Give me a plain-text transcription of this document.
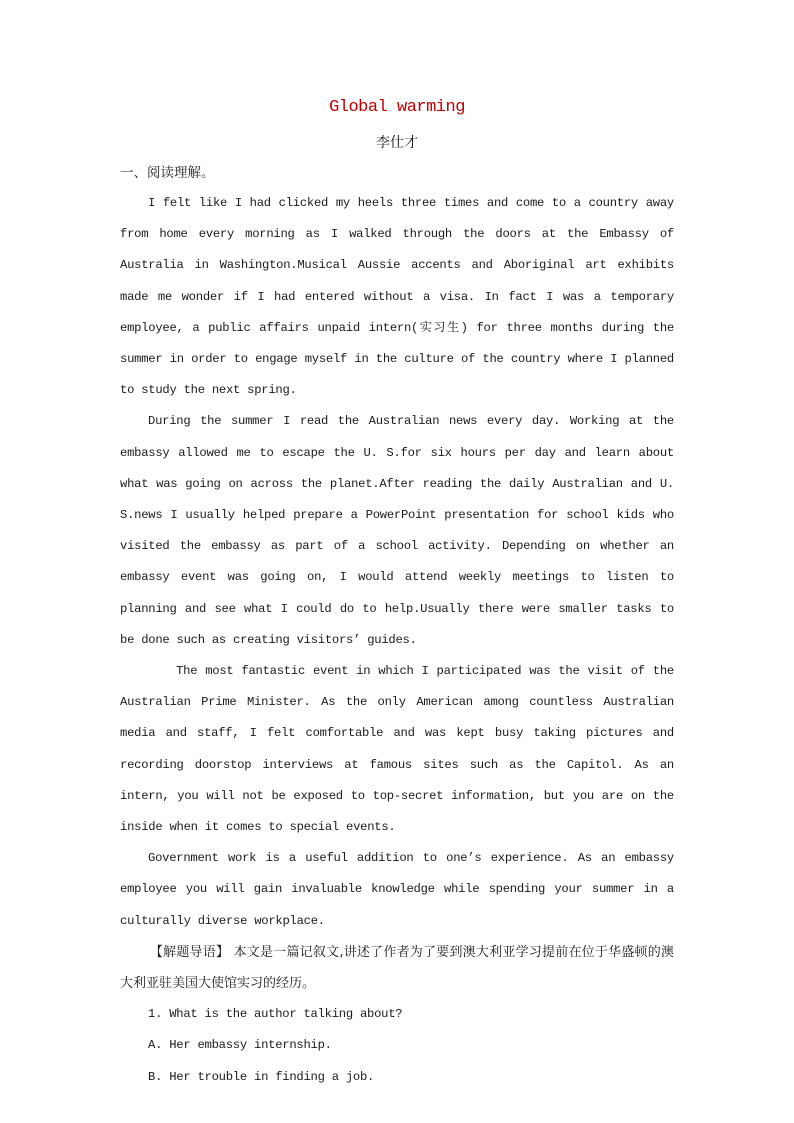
Global warming
李仕才
一、阅读理解。

I felt like I had clicked my heels three times and come to a country away from home every morning as I walked through the doors at the Embassy of Australia in Washington.Musical Aussie accents and Aboriginal art exhibits made me wonder if I had entered without a visa. In fact I was a temporary employee, a public affairs unpaid intern(实习生) for three months during the summer in order to engage myself in the culture of the country where I planned to study the next spring.

During the summer I read the Australian news every day. Working at the embassy allowed me to escape the U. S.for six hours per day and learn about what was going on across the planet.After reading the daily Australian and U. S.news I usually helped prepare a PowerPoint presentation for school kids who visited the embassy as part of a school activity. Depending on whether an embassy event was going on, I would attend weekly meetings to listen to planning and see what I could do to help.Usually there were smaller tasks to be done such as creating visitors’ guides.

The most fantastic event in which I participated was the visit of the Australian Prime Minister. As the only American among countless Australian media and staff, I felt comfortable and was kept busy taking pictures and recording doorstop interviews at famous sites such as the Capitol. As an intern, you will not be exposed to top-secret information, but you are on the inside when it comes to special events.

Government work is a useful addition to one’s experience. As an embassy employee you will gain invaluable knowledge while spending your summer in a culturally diverse workplace.

【解题导语】 本文是一篇记叙文,讲述了作者为了要到澳大利亚学习提前在位于华盛顿的澳大利亚驻美国大使馆实习的经历。

1. What is the author talking about?

A. Her embassy internship.

B. Her trouble in finding a job.
